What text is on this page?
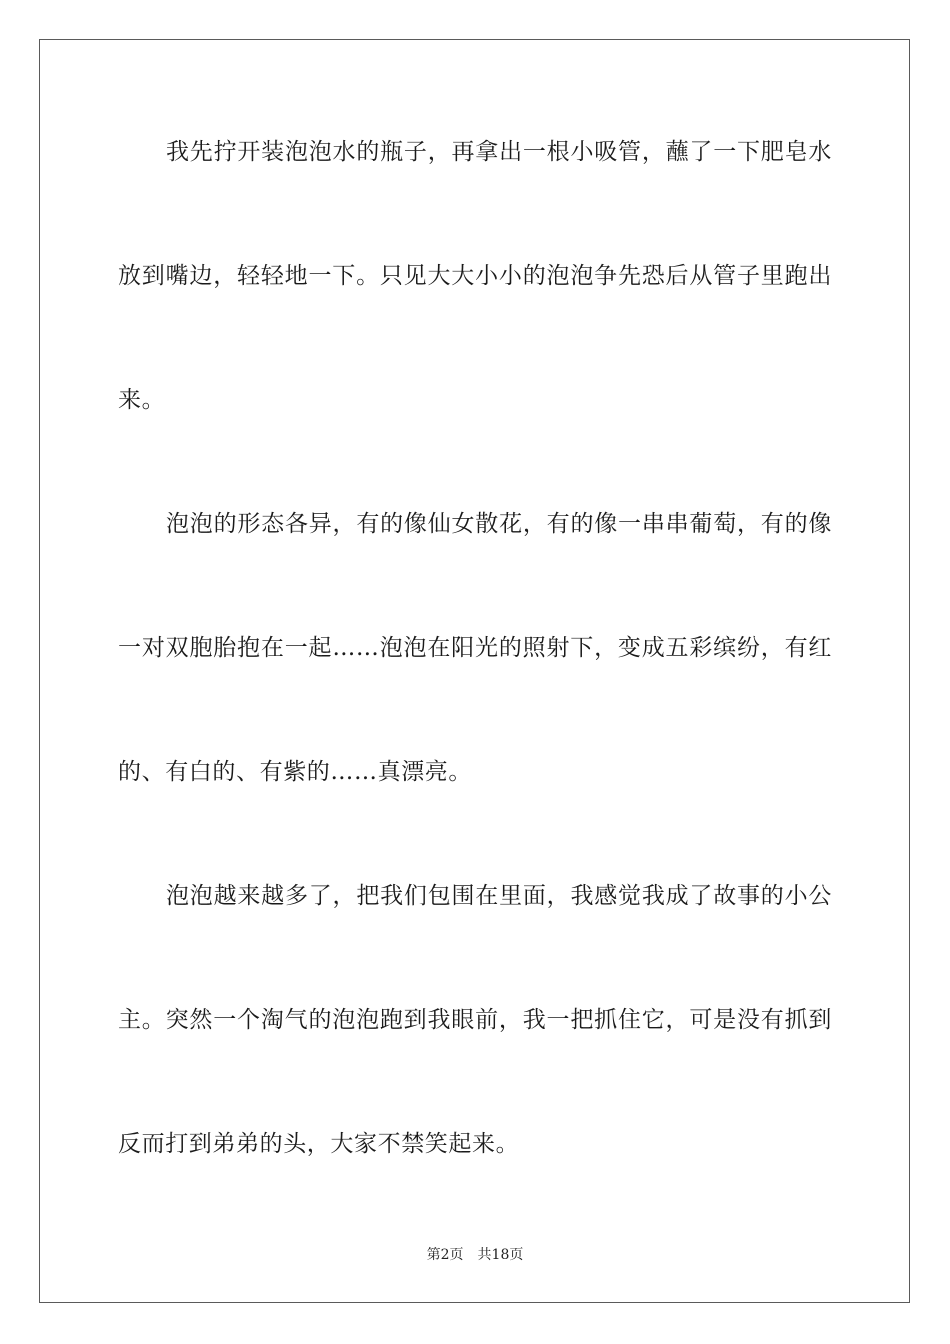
我先拧开装泡泡水的瓶子，再拿出一根小吸管，蘸了一下肥皂水
放到嘴边，轻轻地一下。只见大大小小的泡泡争先恐后从管子里跑出
来。
泡泡的形态各异，有的像仙女散花，有的像一串串葡萄，有的像
一对双胞胎抱在一起……泡泡在阳光的照射下，变成五彩缤纷，有红
的、有白的、有紫的……真漂亮。
泡泡越来越多了，把我们包围在里面，我感觉我成了故事的小公
主。突然一个淘气的泡泡跑到我眼前，我一把抓住它，可是没有抓到
反而打到弟弟的头，大家不禁笑起来。
第2页 共18页
